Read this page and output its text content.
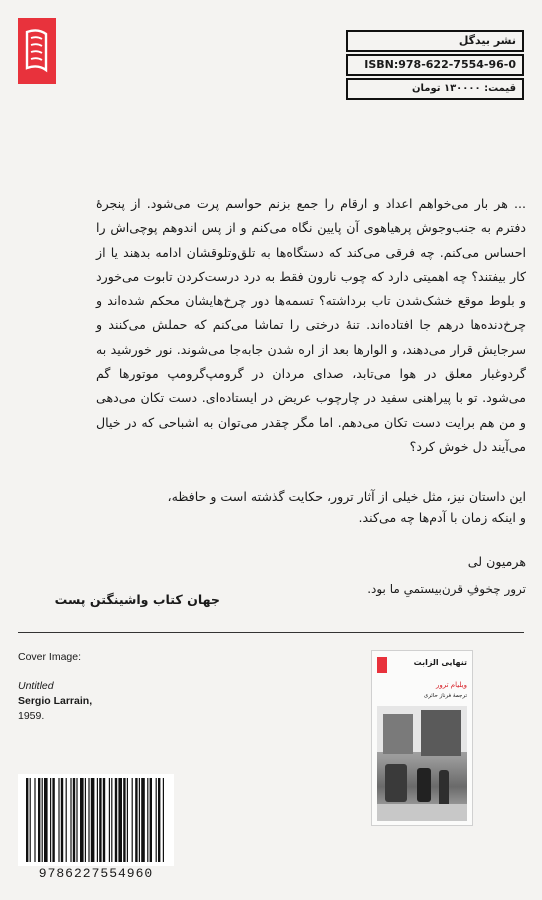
نشر بیدگل
ISBN:978-622-7554-96-0
قیمت: ۱۳۰۰۰۰ تومان

... هر بار می‌خواهم اعداد و ارقام را جمع بزنم حواسم پرت می‌شود. از پنجرهٔ دفترم به جنب‌وجوش پرهیاهوی آن پایین نگاه می‌کنم و از پس اندوهم پوچی‌اش را احساس می‌کنم. چه فرقی می‌کند که دستگاه‌ها به تلق‌وتلوقشان ادامه بدهند یا از کار بیفتند؟ چه اهمیتی دارد که چوب نارون فقط به درد درست‌کردن تابوت می‌خورد و بلوط موقع خشک‌شدن تاب برداشته؟ تسمه‌ها دور چرخ‌هایشان محکم شده‌اند و چرخ‌دنده‌ها درهم جا افتاده‌اند. تنهٔ درختی را تماشا می‌کنم که حملش می‌کنند و سرجایش قرار می‌دهند، و الوارها بعد از اره شدن جابه‌جا می‌شوند. نور خورشید به گردوغبار معلق در هوا می‌تابد، صدای مردان در گرومپ‌گرومپ موتورها گم می‌شود. تو با پیراهنی سفید در چارچوب عریض در ایستاده‌ای. دست تکان می‌دهی و من هم برایت دست تکان می‌دهم. اما مگر چقدر می‌توان به اشباحی که در خیال می‌آیند دل خوش کرد؟

این داستان نیز، مثل خیلی از آثار ترور، حکایت گذشته است و حافظه،
و اینکه زمان با آدم‌ها چه می‌کند.
هرمیون لی
ترور چخوفِ قرن‌بیستمیِ ما بود.
جهان کتاب واشینگتن پست
Cover Image:
Untitled
Sergio Larrain,
1959.
تنهایی الزابت
ویلیام ترور
ترجمهٔ فرناز حائری
9786227554960
